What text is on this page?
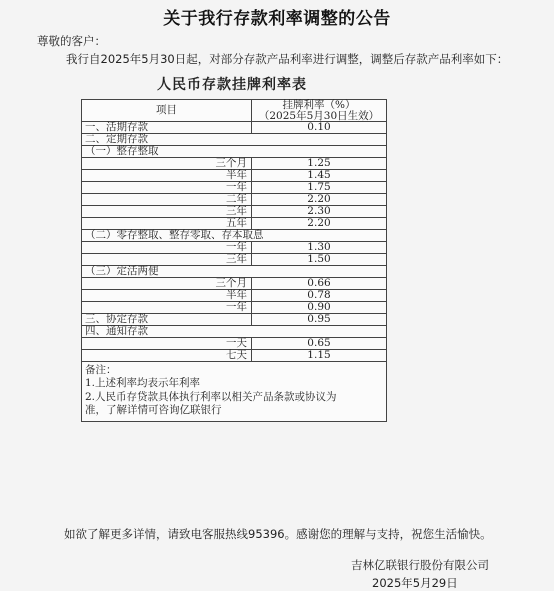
关于我行存款利率调整的公告
尊敬的客户：
我行自2025年5月30日起，对部分存款产品利率进行调整，调整后存款产品利率如下：
人民币存款挂牌利率表
项目	挂牌利率（%）
（2025年5月30日生效）

一、活期存款	0.10
二、定期存款	
（一）整存整取	
三个月	1.25
半年	1.45
一年	1.75
二年	2.20
三年	2.30
五年	2.20
（二）零存整取、整存零取、存本取息	
一年	1.30
三年	1.50
（三）定活两便	
三个月	0.66
半年	0.78
一年	0.90
三、协定存款	0.95
四、通知存款	
一天	0.65
七天	1.15

备注：
1.上述利率均表示年利率
2.人民币存贷款具体执行利率以相关产品条款或协议为
准，了解详情可咨询亿联银行	
如欲了解更多详情，请致电客服热线95396。感谢您的理解与支持，祝您生活愉快。
吉林亿联银行股份有限公司
2025年5月29日
